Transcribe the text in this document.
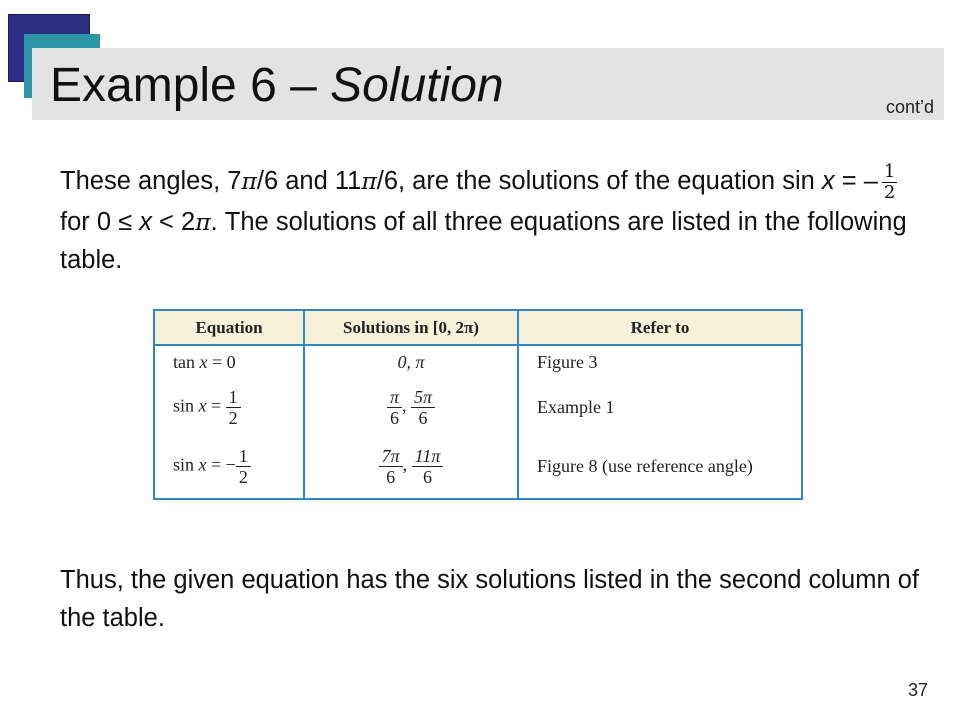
Example 6 – Solution	cont’d
These angles, 7π/6 and 11π/6, are the solutions of the equation sin x = – $\frac{1}{2}$
for 0 ≤ x < 2π. The solutions of all three equations are listed in the following table.
Equation	Solutions in [0, 2π)	Refer to
tan x = 0	0, π	Figure 3
$\sin x = \frac{1}{2}$	$\frac{\pi}{6}$ , $\frac{5\pi}{6}$	Example 1
sin x = − $\frac{1}{2}$	$\frac{7\pi}{6}$ , $\frac{11\pi}{6}$	Figure 8 (use reference angle)
Thus, the given equation has the six solutions listed in the second column of the table.
37
